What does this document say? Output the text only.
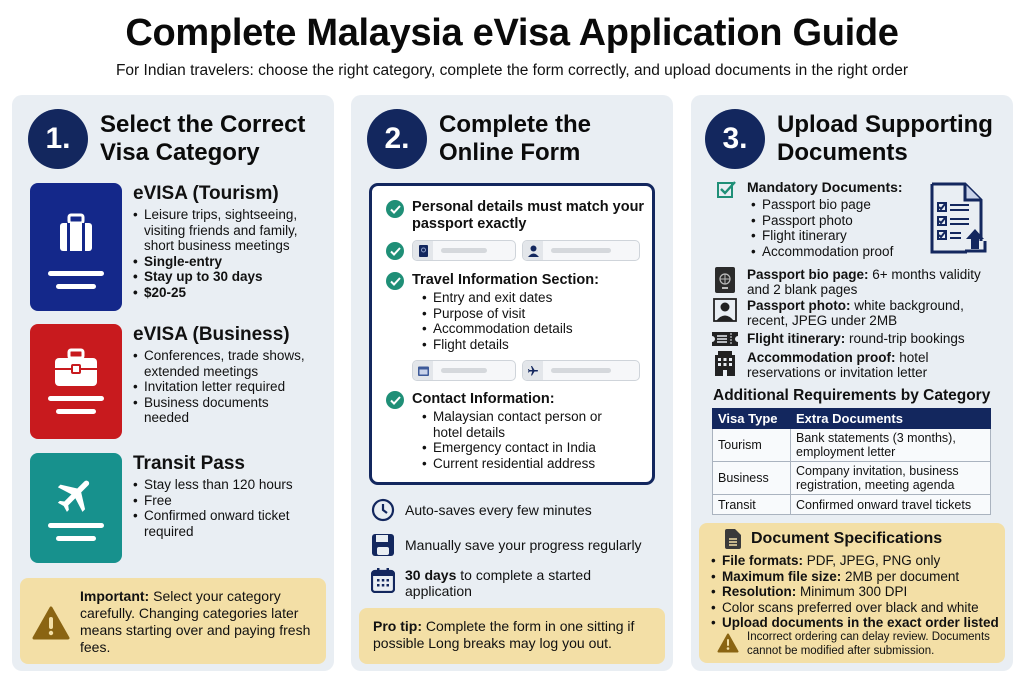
Complete Malaysia eVisa Application Guide
For Indian travelers: choose the right category, complete the form correctly, and upload documents in the right order
1.	Select the Correct
Visa Category
eVISA (Tourism)
• Leisure trips, sightseeing, visiting friends and family, short business meetings
• Single-entry
• Stay up to 30 days
• $20-25
eVISA (Business)
• Conferences, trade shows, extended meetings
• Invitation letter required
• Business documents needed
Transit Pass
• Stay less than 120 hours
• Free
• Confirmed onward ticket required
Important: Select your category carefully. Changing categories later means starting over and paying fresh fees.
2.	Complete the
Online Form
Personal details must match your passport exactly
Travel Information Section:
• Entry and exit dates
• Purpose of visit
• Accommodation details
• Flight details
Contact Information:
• Malaysian contact person or hotel details
• Emergency contact in India
• Current residential address
Auto-saves every few minutes
Manually save your progress regularly
30 days to complete a started application
Pro tip: Complete the form in one sitting if possible Long breaks may log you out.
3.	Upload Supporting
Documents
Mandatory Documents:
• Passport bio page
• Passport photo
• Flight itinerary
• Accommodation proof
Passport bio page: 6+ months validity and 2 blank pages
Passport photo: white background, recent, JPEG under 2MB
Flight itinerary: round-trip bookings
Accommodation proof: hotel reservations or invitation letter
Additional Requirements by Category
Visa Type	Extra Documents
Tourism	Bank statements (3 months), employment letter
Business	Company invitation, business registration, meeting agenda
Transit	Confirmed onward travel tickets
Document Specifications
• File formats: PDF, JPEG, PNG only
• Maximum file size: 2MB per document
• Resolution: Minimum 300 DPI
• Color scans preferred over black and white
• Upload documents in the exact order listed
Incorrect ordering can delay review. Documents cannot be modified after submission.
